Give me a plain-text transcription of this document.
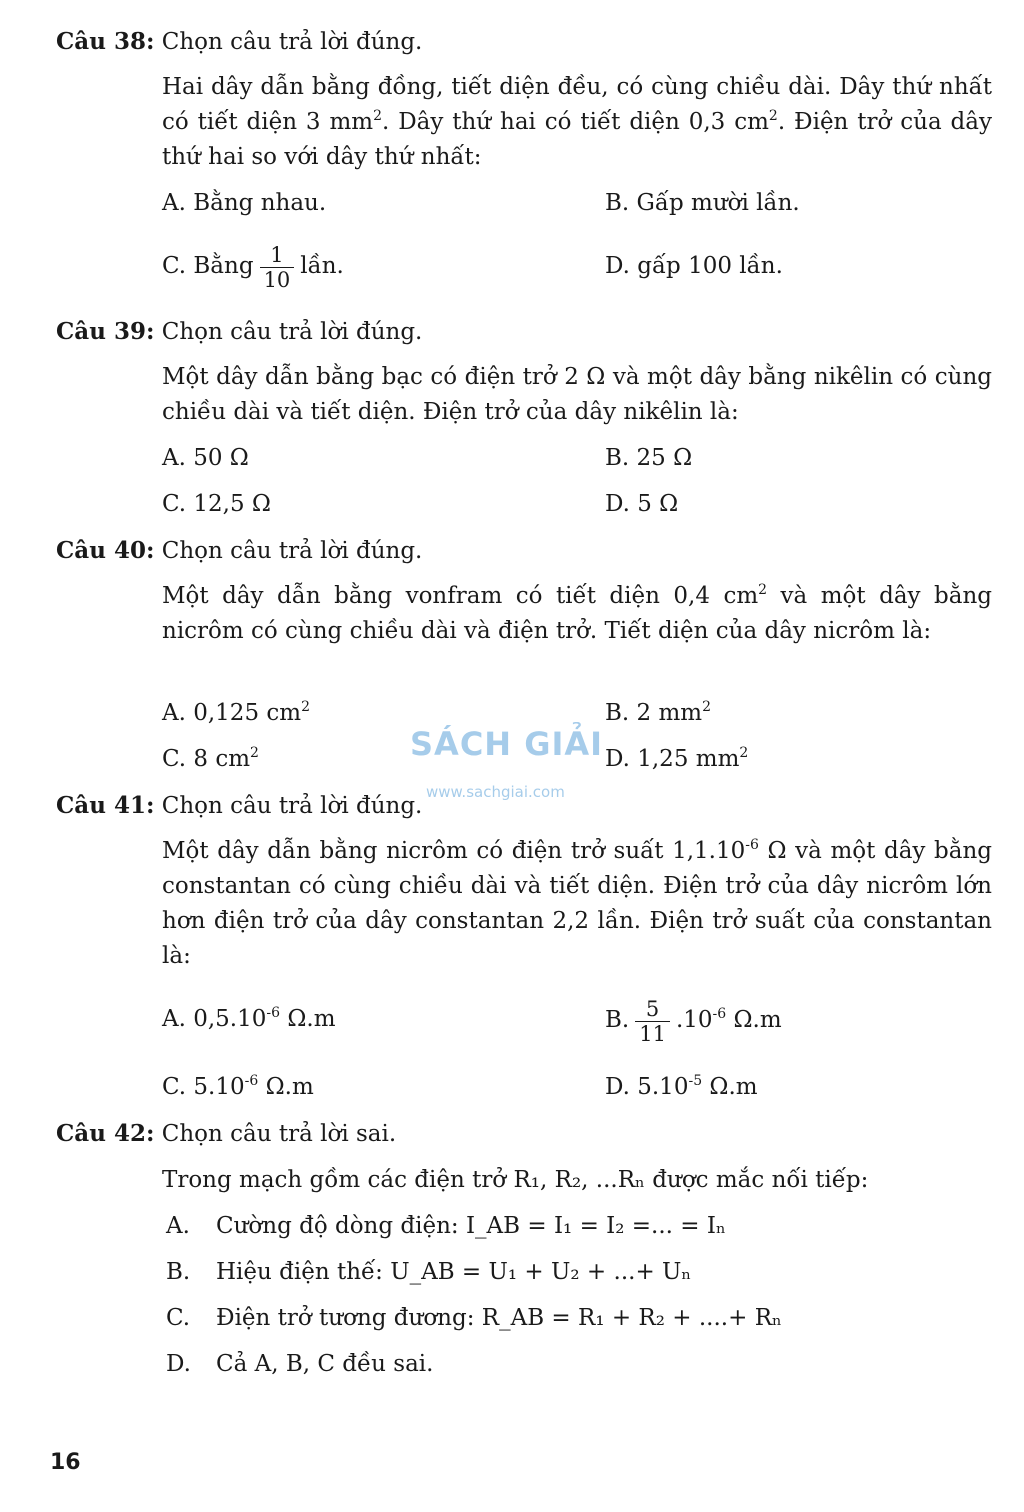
SÁCH GIẢI
www.sachgiai.com
Câu 38: Chọn câu trả lời đúng.
Hai dây dẫn bằng đồng, tiết diện đều, có cùng chiều dài. Dây thứ nhất có tiết diện 3 $mm^2$. Dây thứ hai có tiết diện 0,3 $cm^2$. Điện trở của dây thứ hai so với dây thứ nhất:
A. Bằng nhau.	B. Gấp mười lần.
C. Bằng $\frac{1}{10}$ lần.	D. gấp 100 lần.
Câu 39: Chọn câu trả lời đúng.
Một dây dẫn bằng bạc có điện trở 2 Ω và một dây bằng nikêlin có cùng chiều dài và tiết diện. Điện trở của dây nikêlin là:
A. 50 Ω	B. 25 Ω
C. 12,5 Ω	D. 5 Ω
Câu 40: Chọn câu trả lời đúng.
Một dây dẫn bằng vonfram có tiết diện 0,4 $cm^2$ và một dây bằng nicrôm có cùng chiều dài và điện trở. Tiết diện của dây nicrôm là:
A. 0,125 $cm^2$	B. 2 $mm^2$
C. 8 $cm^2$	D. 1,25 $mm^2$
Câu 41: Chọn câu trả lời đúng.
Một dây dẫn bằng nicrôm có điện trở suất $1,1.10^{-6}$ Ω và một dây bằng constantan có cùng chiều dài và tiết diện. Điện trở của dây nicrôm lớn hơn điện trở của dây constantan 2,2 lần. Điện trở suất của constantan là:
A. $0,5.10^{-6}$ Ω.m	B. $\frac{5}{11} .10^{-6}$ Ω.m
C. $5.10^{-6}$ Ω.m	D. $5.10^{-5}$ Ω.m
Câu 42: Chọn câu trả lời sai.
Trong mạch gồm các điện trở R₁, R₂, ...Rₙ được mắc nối tiếp:
A. Cường độ dòng điện: I_AB = I₁ = I₂ =... = Iₙ
B. Hiệu điện thế: U_AB = U₁ + U₂ + ...+ Uₙ
C. Điện trở tương đương: R_AB = R₁ + R₂ + ....+ Rₙ
D. Cả A, B, C đều sai.
16
